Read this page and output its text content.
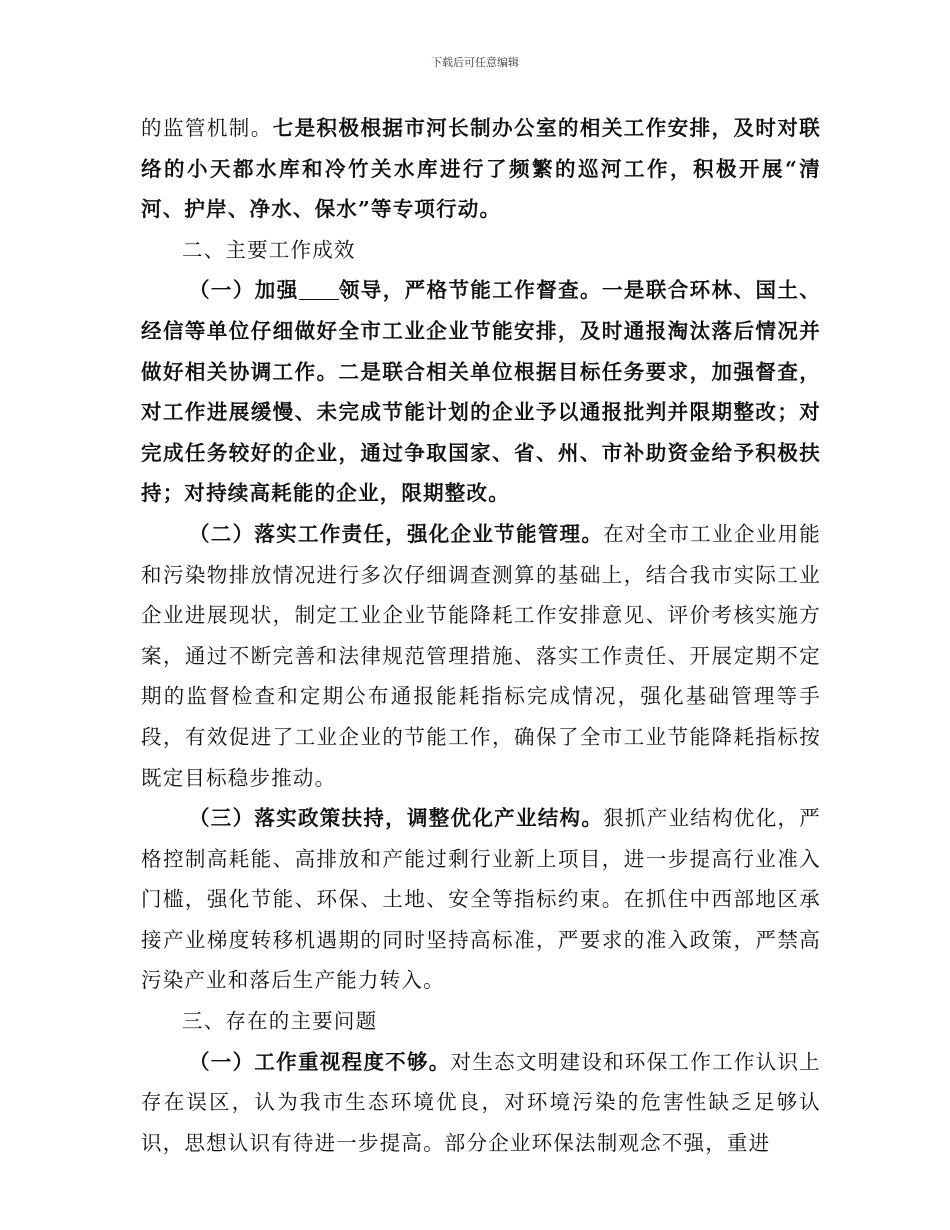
下载后可任意编辑

的监管机制。七是积极根据市河长制办公室的相关工作安排，及时对联络的小天都水库和冷竹关水库进行了频繁的巡河工作，积极开展“清河、护岸、净水、保水”等专项行动。

二、主要工作成效

（一）加强 领导，严格节能工作督查。一是联合环林、国土、经信等单位仔细做好全市工业企业节能安排，及时通报淘汰落后情况并做好相关协调工作。二是联合相关单位根据目标任务要求，加强督查，对工作进展缓慢、未完成节能计划的企业予以通报批判并限期整改；对完成任务较好的企业，通过争取国家、省、州、市补助资金给予积极扶持；对持续高耗能的企业，限期整改。

（二）落实工作责任，强化企业节能管理。在对全市工业企业用能和污染物排放情况进行多次仔细调查测算的基础上，结合我市实际工业企业进展现状，制定工业企业节能降耗工作安排意见、评价考核实施方案，通过不断完善和法律规范管理措施、落实工作责任、开展定期不定期的监督检查和定期公布通报能耗指标完成情况，强化基础管理等手段，有效促进了工业企业的节能工作，确保了全市工业节能降耗指标按既定目标稳步推动。

（三）落实政策扶持，调整优化产业结构。狠抓产业结构优化，严格控制高耗能、高排放和产能过剩行业新上项目，进一步提高行业准入门槛，强化节能、环保、土地、安全等指标约束。在抓住中西部地区承接产业梯度转移机遇期的同时坚持高标准，严要求的准入政策，严禁高污染产业和落后生产能力转入。

三、存在的主要问题

（一）工作重视程度不够。对生态文明建设和环保工作工作认识上存在误区，认为我市生态环境优良，对环境污染的危害性缺乏足够认识，思想认识有待进一步提高。部分企业环保法制观念不强，重进
